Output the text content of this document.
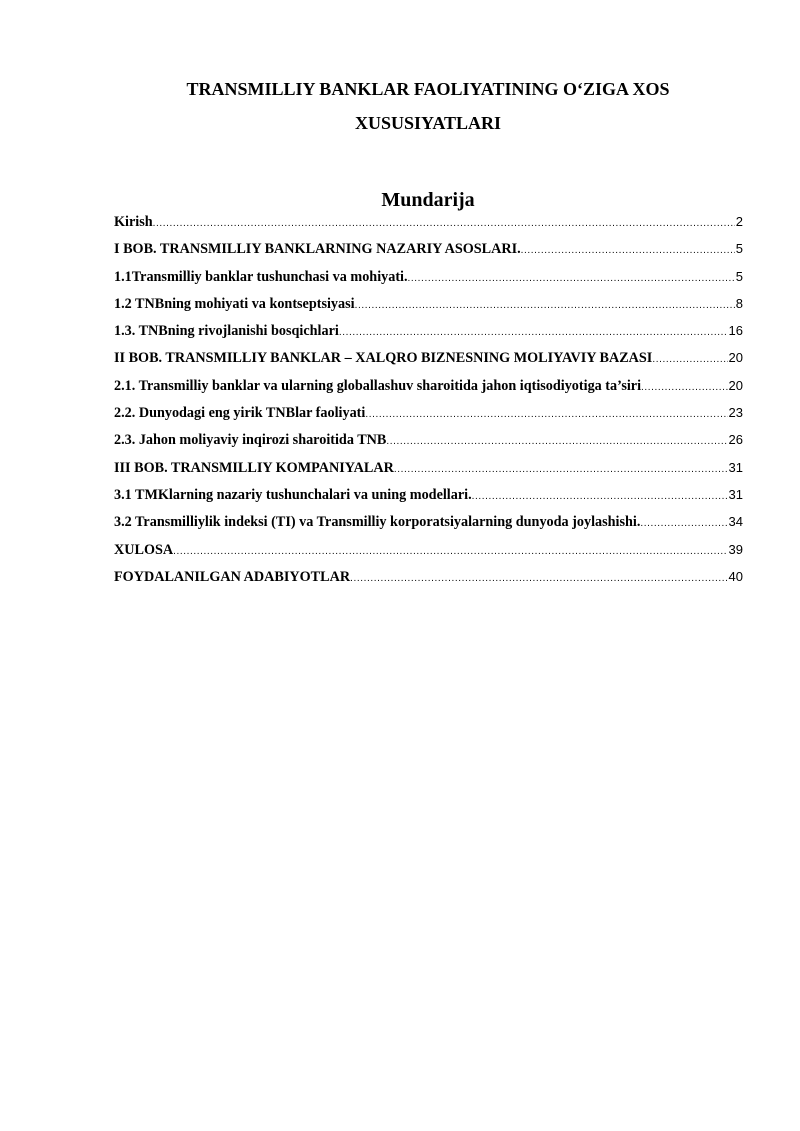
TRANSMILLIY BANKLAR FAOLIYATINING O‘ZIGA XOS
XUSUSIYATLARI
Mundarija
Kirish .....	2
I BOB. TRANSMILLIY BANKLARNING NAZARIY ASOSLARI. .....	5
1.1Transmilliy banklar tushunchasi va mohiyati. .....	5
1.2 TNBning mohiyati va kontseptsiyasi .....	8
1.3. TNBning rivojlanishi bosqichlari .....	16
II BOB. TRANSMILLIY BANKLAR – XALQRO BIZNESNING MOLIYAVIY BAZASI .....	20
2.1. Transmilliy banklar va ularning globallashuv sharoitida jahon iqtisodiyotiga ta’siri .....	20
2.2. Dunyodagi eng yirik TNBlar faoliyati .....	23
2.3. Jahon moliyaviy inqirozi sharoitida TNB .....	26
III BOB. TRANSMILLIY KOMPANIYALAR .....	31
3.1 TMKlarning nazariy tushunchalari va uning modellari. .....	31
3.2 Transmilliylik indeksi (TI) va Transmilliy korporatsiyalarning dunyoda joylashishi. .....	34
XULOSA .....	39
FOYDALANILGAN ADABIYOTLAR .....	40
